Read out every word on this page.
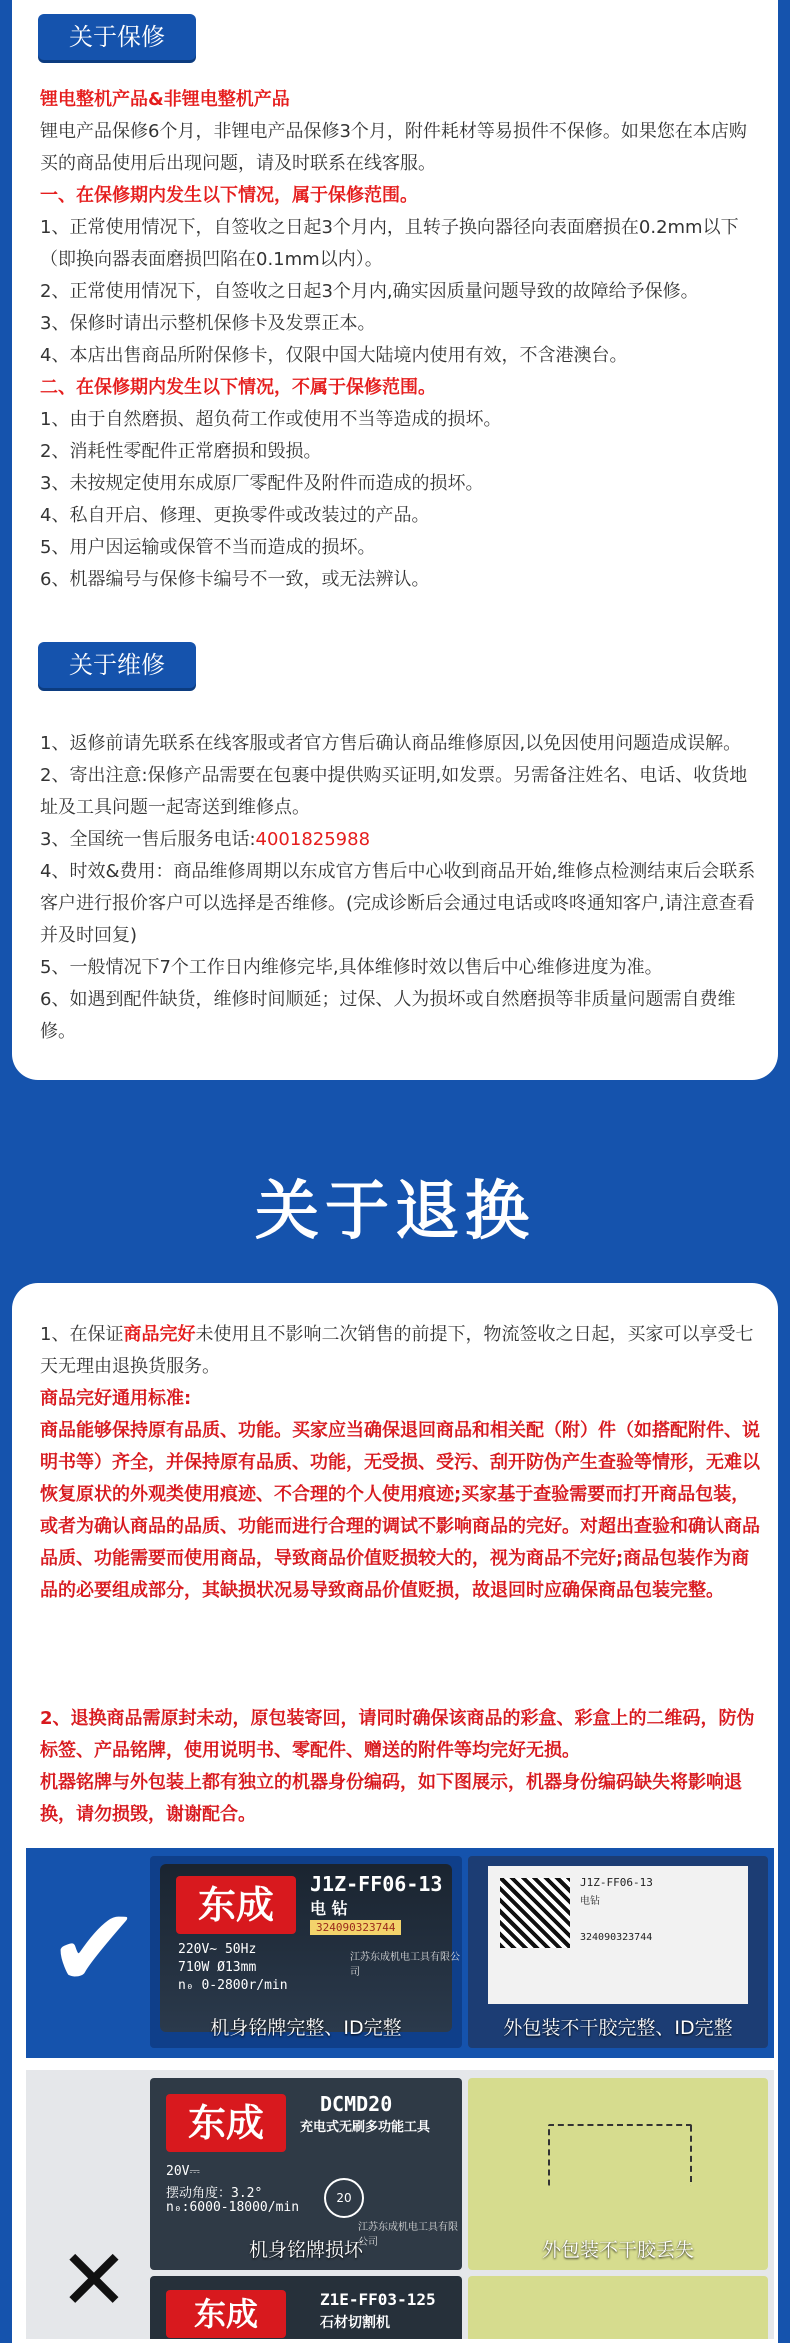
关于保修

锂电整机产品&非锂电整机产品

锂电产品保修6个月，非锂电产品保修3个月，附件耗材等易损件不保修。如果您在本店购买的商品使用后出现问题，请及时联系在线客服。

一、在保修期内发生以下情况，属于保修范围。

1、正常使用情况下，自签收之日起3个月内，且转子换向器径向表面磨损在0.2mm以下（即换向器表面磨损凹陷在0.1mm以内）。

2、正常使用情况下，自签收之日起3个月内,确实因质量问题导致的故障给予保修。

3、保修时请出示整机保修卡及发票正本。

4、本店出售商品所附保修卡，仅限中国大陆境内使用有效，不含港澳台。

二、在保修期内发生以下情况，不属于保修范围。

1、由于自然磨损、超负荷工作或使用不当等造成的损坏。

2、消耗性零配件正常磨损和毁损。

3、未按规定使用东成原厂零配件及附件而造成的损坏。

4、私自开启、修理、更换零件或改装过的产品。

5、用户因运输或保管不当而造成的损坏。

6、机器编号与保修卡编号不一致，或无法辨认。

关于维修

1、返修前请先联系在线客服或者官方售后确认商品维修原因,以免因使用问题造成误解。

2、寄出注意:保修产品需要在包裹中提供购买证明,如发票。另需备注姓名、电话、收货地址及工具问题一起寄送到维修点。

3、全国统一售后服务电话:4001825988

4、时效&费用：商品维修周期以东成官方售后中心收到商品开始,维修点检测结束后会联系客户进行报价客户可以选择是否维修。(完成诊断后会通过电话或咚咚通知客户,请注意查看并及时回复)

5、一般情况下7个工作日内维修完毕,具体维修时效以售后中心维修进度为准。

6、如遇到配件缺货，维修时间顺延；过保、人为损坏或自然磨损等非质量问题需自费维修。

关于退换

1、在保证商品完好未使用且不影响二次销售的前提下，物流签收之日起，买家可以享受七天无理由退换货服务。

商品完好通用标准:

商品能够保持原有品质、功能。买家应当确保退回商品和相关配（附）件（如搭配附件、说明书等）齐全，并保持原有品质、功能，无受损、受污、刮开防伪产生查验等情形，无难以恢复原状的外观类使用痕迹、不合理的个人使用痕迹;买家基于查验需要而打开商品包装，或者为确认商品的品质、功能而进行合理的调试不影响商品的完好。对超出查验和确认商品品质、功能需要而使用商品，导致商品价值贬损较大的，视为商品不完好;商品包装作为商品的必要组成部分，其缺损状况易导致商品价值贬损，故退回时应确保商品包装完整。

2、退换商品需原封未动，原包装寄回，请同时确保该商品的彩盒、彩盒上的二维码，防伪标签、产品铭牌，使用说明书、零配件、赠送的附件等均完好无损。

机器铭牌与外包装上都有独立的机器身份编码，如下图展示，机器身份编码缺失将影响退换，请勿损毁，谢谢配合。

✔	东成	J1Z-FF06-13
电 钻
324090323744
220V~ 50Hz
710W Ø13mm
n₀ 0-2800r/min
江苏东成机电工具有限公司
机身铭牌完整、ID完整
J1Z-FF06-13
电钻
324090323744
外包装不干胶完整、ID完整
✕
东成	DCMD20
充电式无刷多功能工具
20V⎓
摆动角度：3.2°
n₀:6000-18000/min
20
江苏东成机电工具有限公司
机身铭牌损坏	外包装不干胶丢失
东成	Z1E-FF03-125
石材切割机
